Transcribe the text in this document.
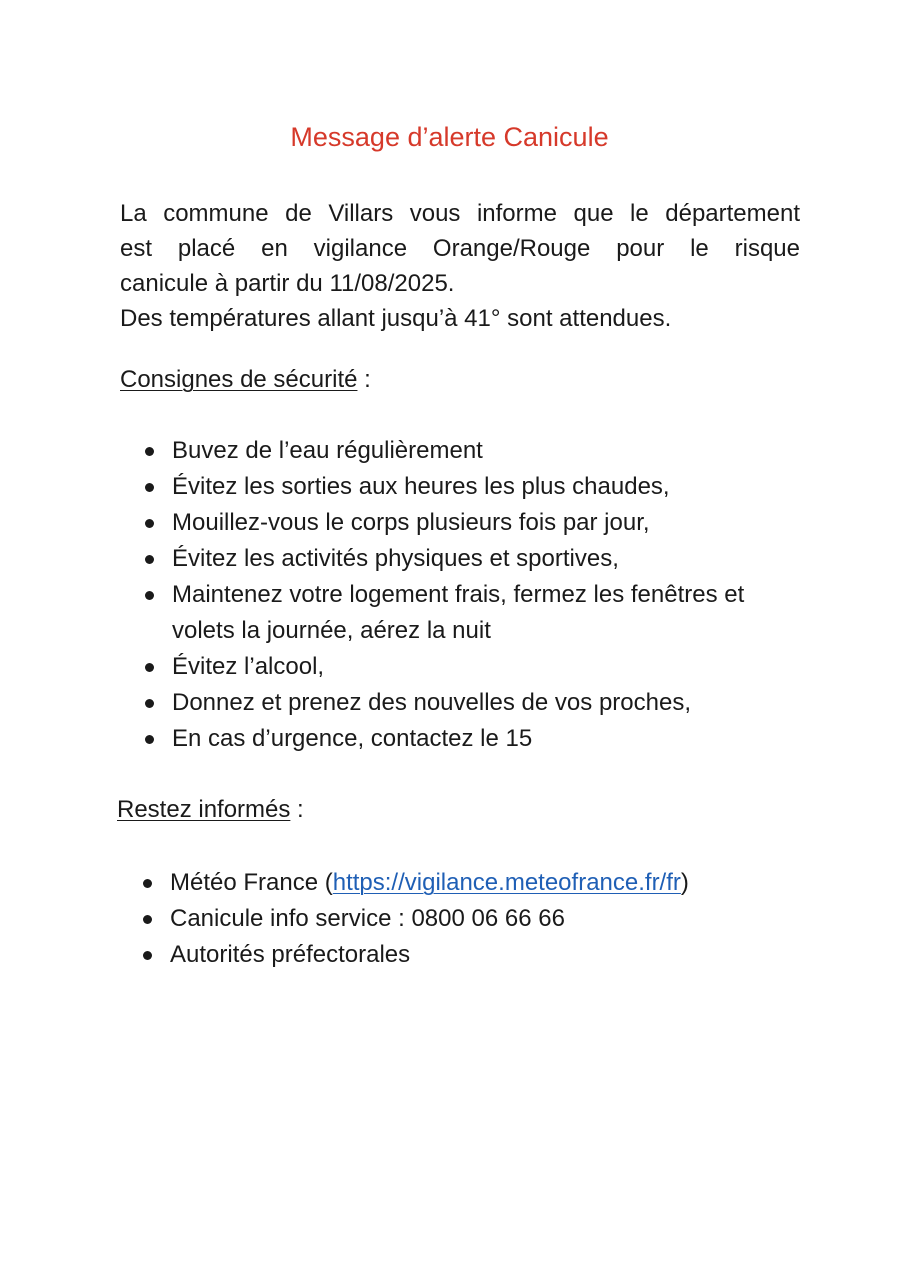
Message d’alerte Canicule
La commune de Villars vous informe que le département
est placé en vigilance Orange/Rouge pour le risque
canicule à partir du 11/08/2025.
Des températures allant jusqu’à 41° sont attendues.
Consignes de sécurité :
Buvez de l’eau régulièrement
Évitez les sorties aux heures les plus chaudes,
Mouillez-vous le corps plusieurs fois par jour,
Évitez les activités physiques et sportives,
Maintenez votre logement frais, fermez les fenêtres et volets la journée, aérez la nuit
Évitez l’alcool,
Donnez et prenez des nouvelles de vos proches,
En cas d’urgence, contactez le 15
Restez informés :
Météo France (https://vigilance.meteofrance.fr/fr)
Canicule info service : 0800 06 66 66
Autorités préfectorales
